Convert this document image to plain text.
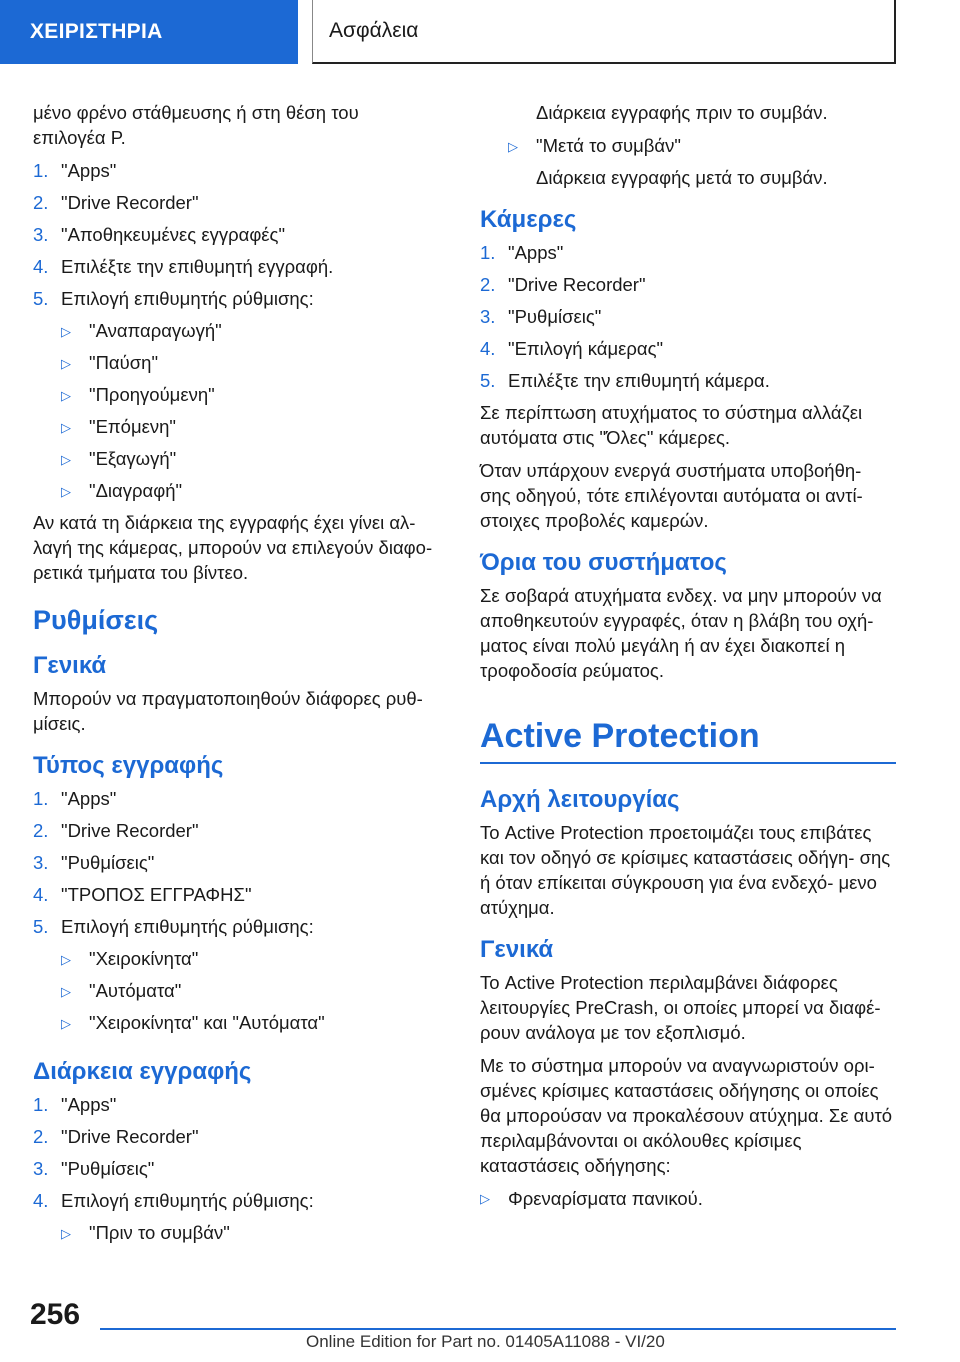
ΧΕΙΡΙΣΤΗΡΙΑ	Ασφάλεια

μένο φρένο στάθμευσης ή στη θέση του επιλογέα P.

1. "Apps"
2. "Drive Recorder"
3. "Αποθηκευμένες εγγραφές"
4. Επιλέξτε την επιθυμητή εγγραφή.
5. Επιλογή επιθυμητής ρύθμισης:
▷ "Αναπαραγωγή"
▷ "Παύση"
▷ "Προηγούμενη"
▷ "Επόμενη"
▷ "Εξαγωγή"
▷ "Διαγραφή"

Αν κατά τη διάρκεια της εγγραφής έχει γίνει αλ- λαγή της κάμερας, μπορούν να επιλεγούν διαφο- ρετικά τμήματα του βίντεο.

Ρυθμίσεις
Γενικά

Μπορούν να πραγματοποιηθούν διάφορες ρυθ- μίσεις.

Τύπος εγγραφής
1. "Apps"
2. "Drive Recorder"
3. "Ρυθμίσεις"
4. "ΤΡΟΠΟΣ ΕΓΓΡΑΦΗΣ"
5. Επιλογή επιθυμητής ρύθμισης:
▷ "Χειροκίνητα"
▷ "Αυτόματα"
▷ "Χειροκίνητα" και "Αυτόματα"
Διάρκεια εγγραφής
1. "Apps"
2. "Drive Recorder"
3. "Ρυθμίσεις"
4. Επιλογή επιθυμητής ρύθμισης:
▷ "Πριν το συμβάν"

Διάρκεια εγγραφής πριν το συμβάν.

▷ "Μετά το συμβάν"

Διάρκεια εγγραφής μετά το συμβάν.

Κάμερες
1. "Apps"
2. "Drive Recorder"
3. "Ρυθμίσεις"
4. "Επιλογή κάμερας"
5. Επιλέξτε την επιθυμητή κάμερα.

Σε περίπτωση ατυχήματος το σύστημα αλλάζει αυτόματα στις "Όλες" κάμερες.

Όταν υπάρχουν ενεργά συστήματα υποβοήθη- σης οδηγού, τότε επιλέγονται αυτόματα οι αντί- στοιχες προβολές καμερών.

Όρια του συστήματος

Σε σοβαρά ατυχήματα ενδεχ. να μην μπορούν να αποθηκευτούν εγγραφές, όταν η βλάβη του οχή- ματος είναι πολύ μεγάλη ή αν έχει διακοπεί η τροφοδοσία ρεύματος.

Active Protection
Αρχή λειτουργίας

Το Active Protection προετοιμάζει τους επιβάτες και τον οδηγό σε κρίσιμες καταστάσεις οδήγη- σης ή όταν επίκειται σύγκρουση για ένα ενδεχό- μενο ατύχημα.

Γενικά

Το Active Protection περιλαμβάνει διάφορες λειτουργίες PreCrash, οι οποίες μπορεί να διαφέ- ρουν ανάλογα με τον εξοπλισμό.

Με το σύστημα μπορούν να αναγνωριστούν ορι- σμένες κρίσιμες καταστάσεις οδήγησης οι οποίες θα μπορούσαν να προκαλέσουν ατύχημα. Σε αυτό περιλαμβάνονται οι ακόλουθες κρίσιμες καταστάσεις οδήγησης:

▷ Φρεναρίσματα πανικού.
256
Online Edition for Part no. 01405A11088 - VI/20
